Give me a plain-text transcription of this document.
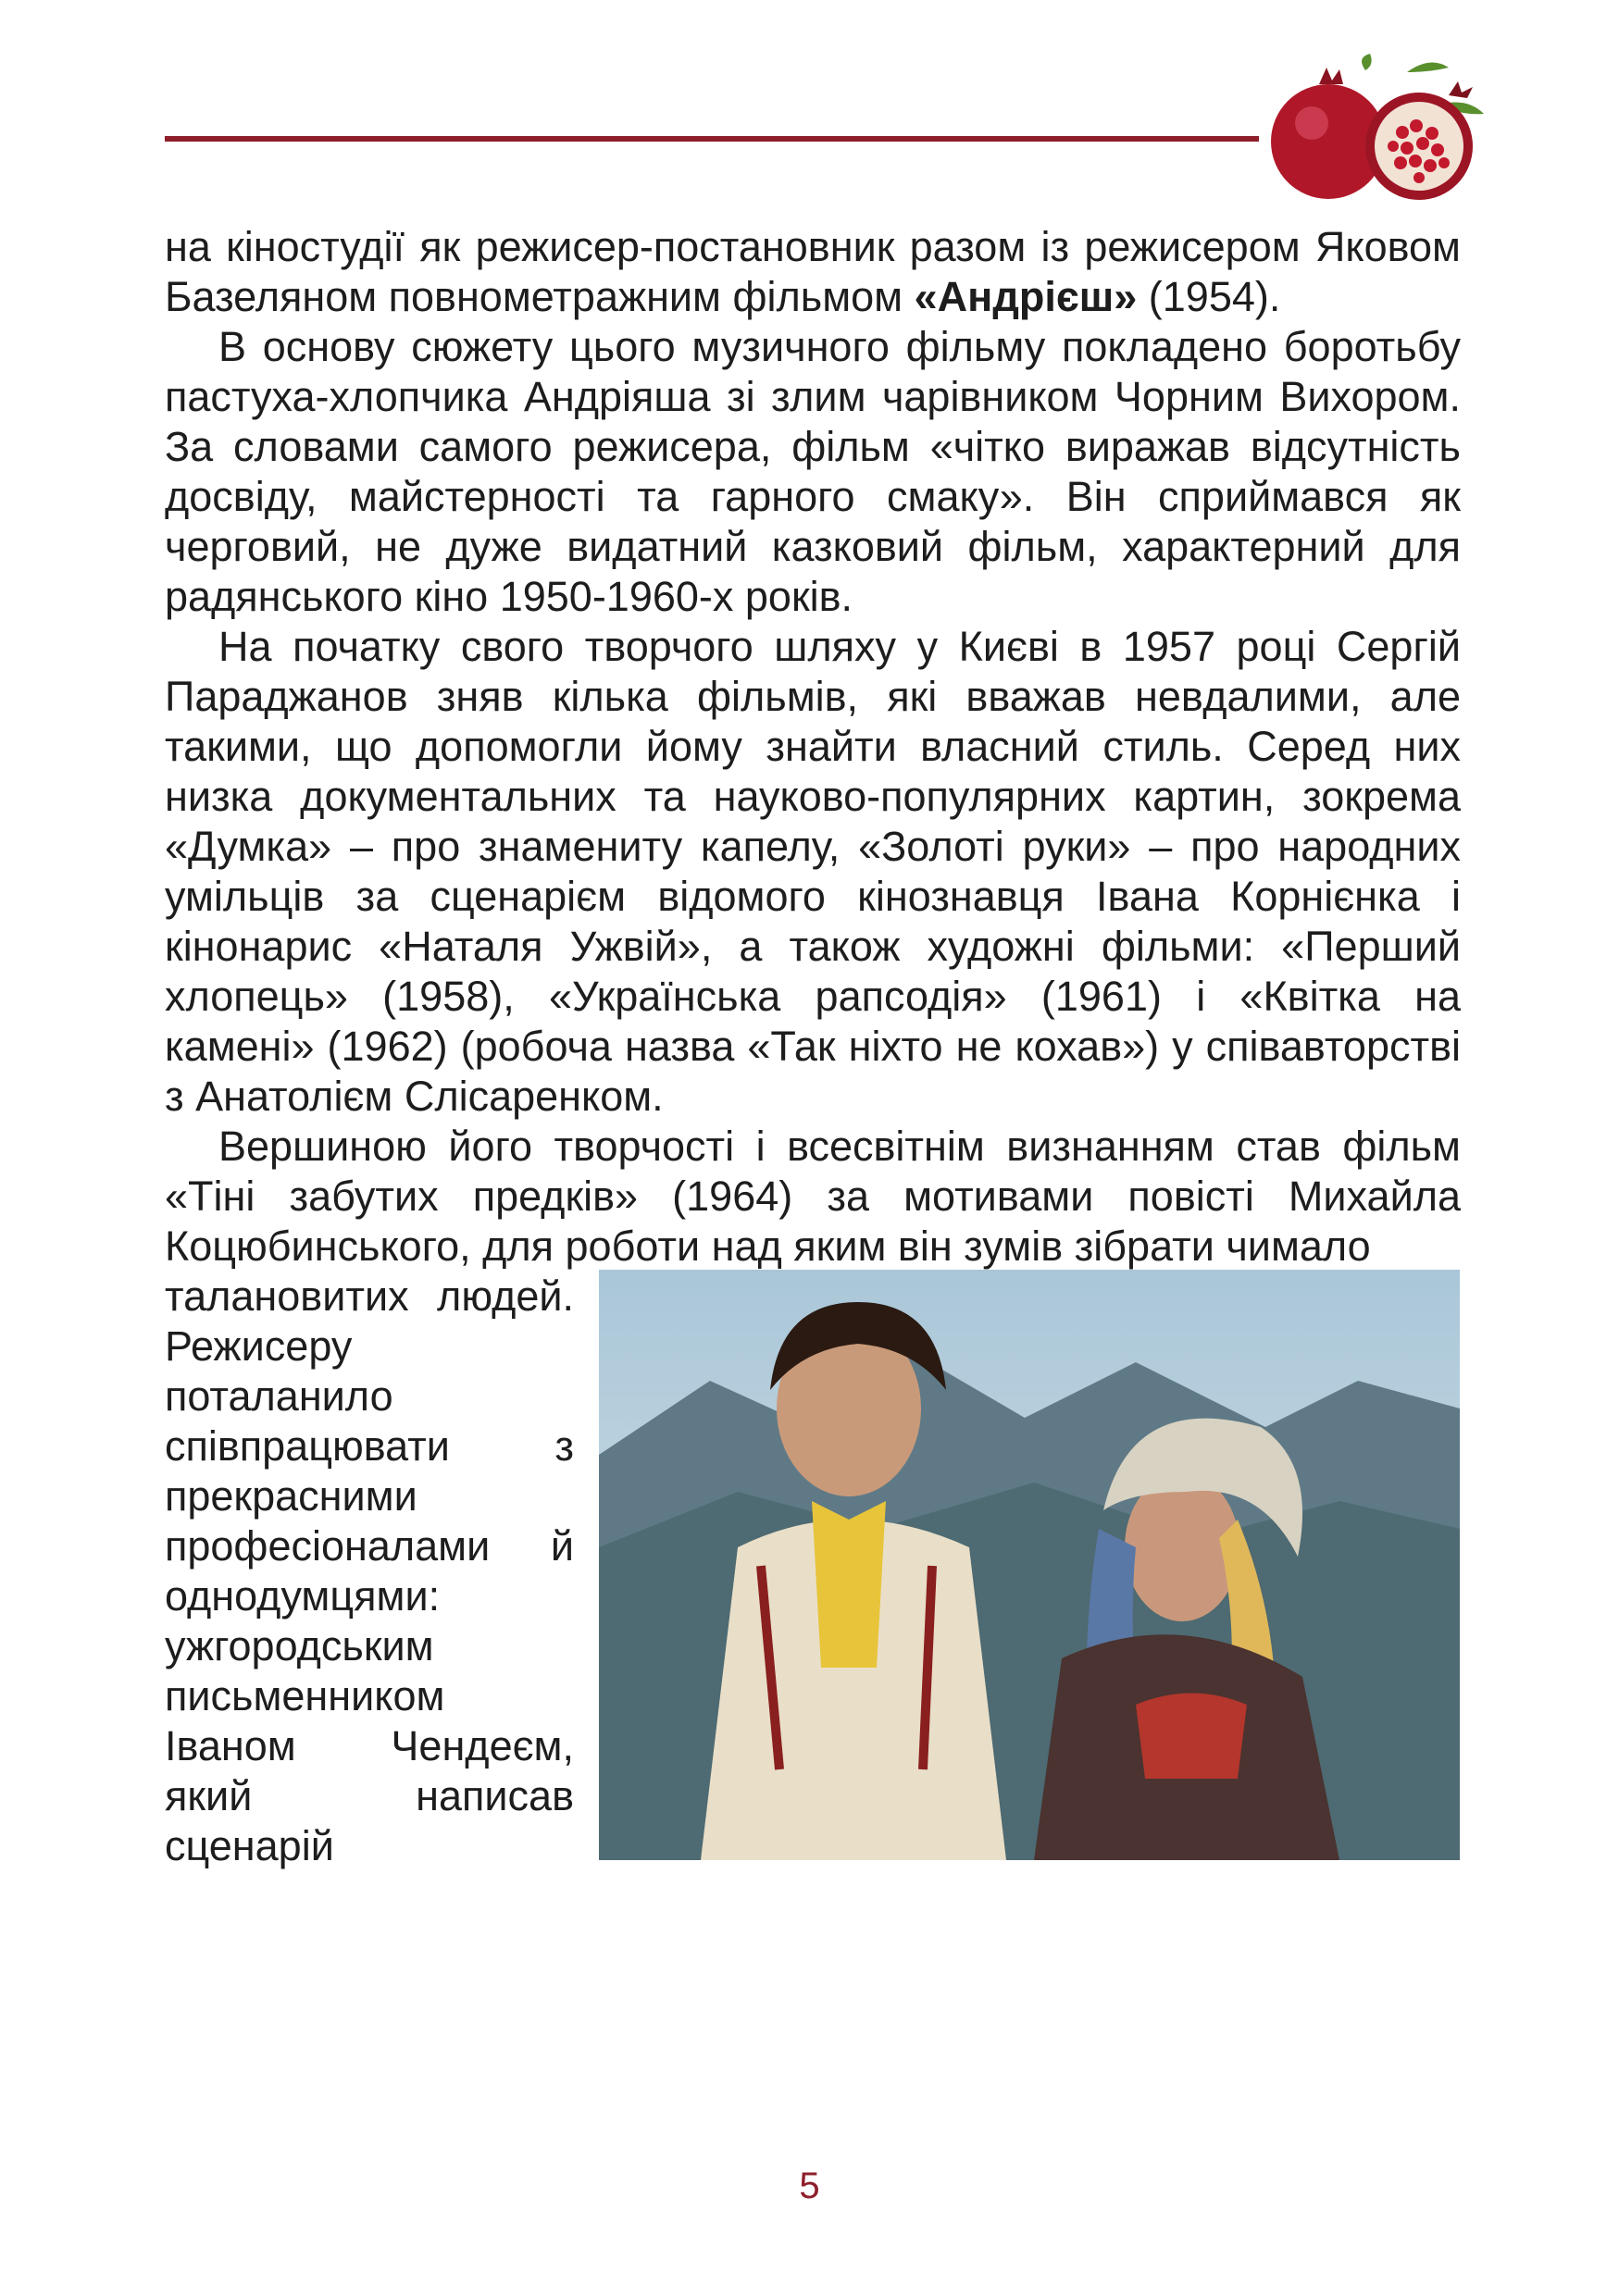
на кіностудії як режисер-постановник разом із режисером Яковом Базеляном повнометражним фільмом «Андрієш» (1954).

В основу сюжету цього музичного фільму покладено боротьбу пастуха-хлопчика Андріяша зі злим чарівником Чорним Вихором. За словами самого режисера, фільм «чітко виражав відсутність досвіду, майстерності та гарного смаку». Він сприймався як черговий, не дуже видатний казковий фільм, характерний для радянського кіно 1950-1960-х років.

На початку свого творчого шляху у Києві в 1957 році Сергій Параджанов зняв кілька фільмів, які вважав невдалими, але такими, що допомогли йому знайти власний стиль. Серед них низка документальних та науково-популярних картин, зокрема «Думка» – про знамениту капелу, «Золоті руки» – про народних умільців за сценарієм відомого кінознавця Івана Корнієнка і кінонарис «Наталя Ужвій», а також художні фільми: «Перший хлопець» (1958), «Українська рапсодія» (1961) і «Квітка на камені» (1962) (робоча назва «Так ніхто не кохав») у співавторстві з Анатолієм Слісаренком.

Вершиною його творчості і всесвітнім визнанням став фільм «Тіні забутих предків» (1964) за мотивами повісті Михайла Коцюбинського, для роботи над яким він зумів зібрати чимало

5
талановитих людей. Режисеру поталанило співпрацювати з прекрасними професіоналами й однодумцями: ужгородським письменником Іваном Чендеєм, який написав сценарій
